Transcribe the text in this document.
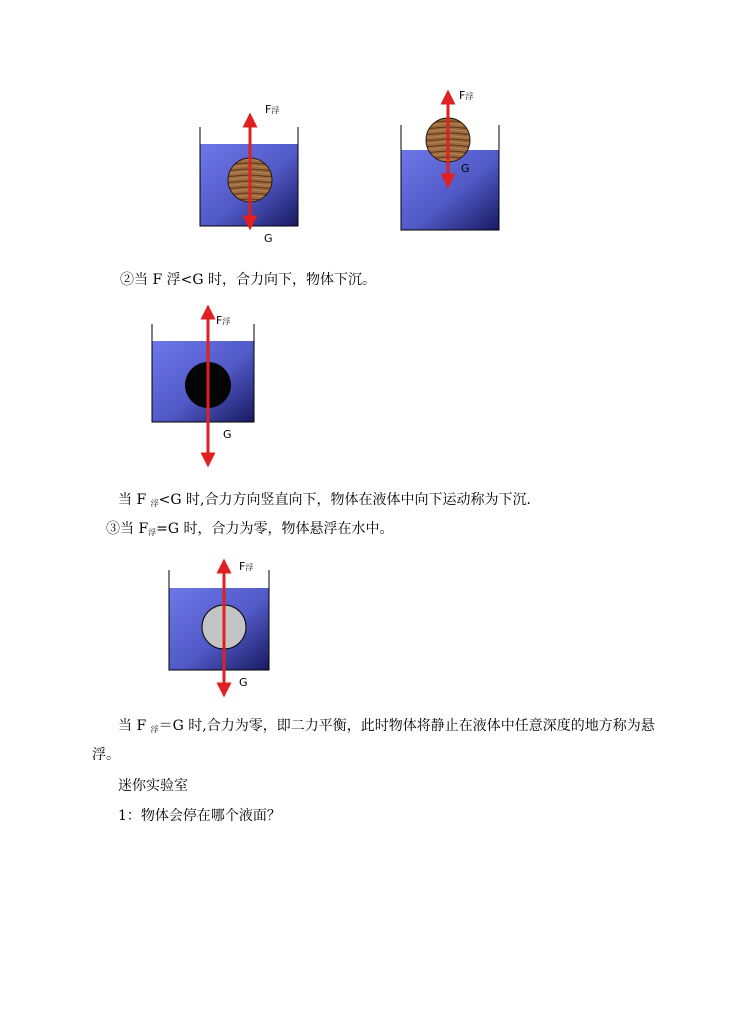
F浮
G
F浮
G
F浮
G
F浮
G
②当 F 浮<G 时，合力向下，物体下沉。
当 F $_浮$<G 时,合力方向竖直向下，物体在液体中向下运动称为下沉．
③当 $F_浮=G$ 时，合力为零，物体悬浮在水中。
当 F $_浮$＝G 时,合力为零，即二力平衡，此时物体将静止在液体中任意深度的地方称为悬
浮。
迷你实验室
1：物体会停在哪个液面？
